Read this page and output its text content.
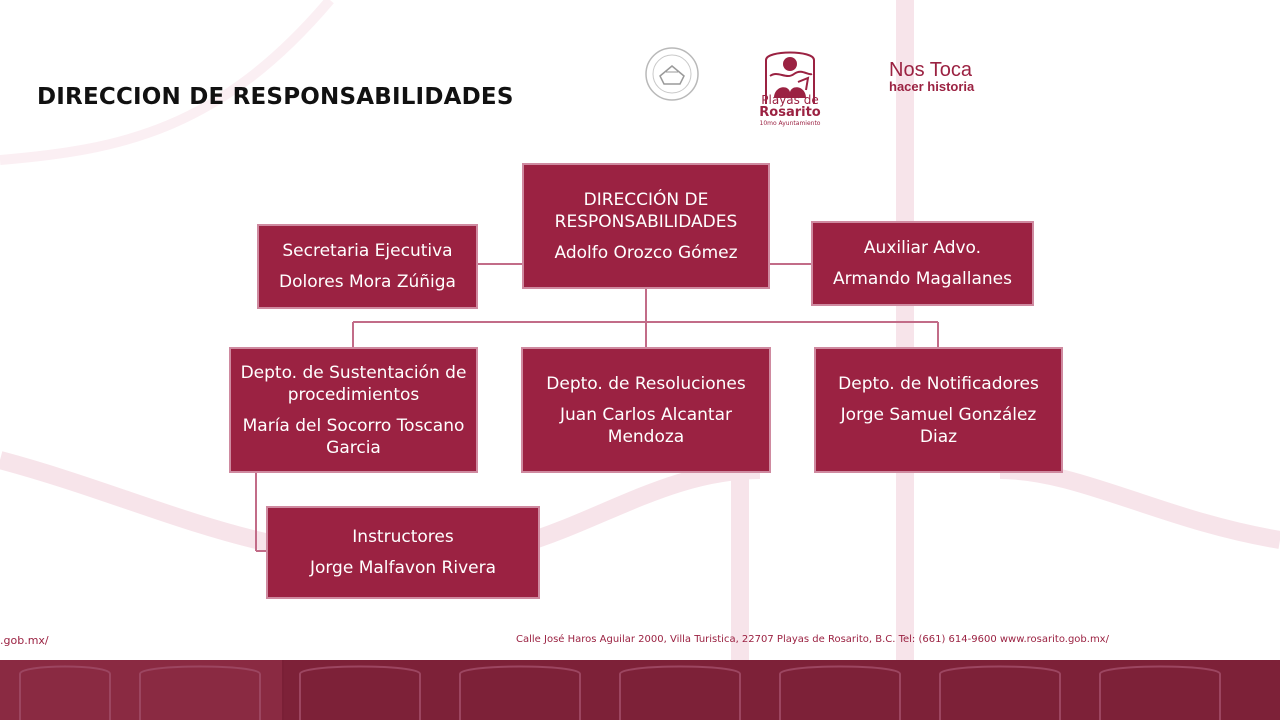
DIRECCION DE RESPONSABILIDADES	Playas de
Rosarito
10mo Ayuntamiento
Nos Toca
hacer historia
DIRECCIÓN DE RESPONSABILIDADES
Adolfo Orozco Gómez
Secretaria Ejecutiva
Dolores Mora Zúñiga
Auxiliar Advo.
Armando Magallanes
Depto. de Sustentación de procedimientos
María del Socorro Toscano Garcia
Depto. de Resoluciones
Juan Carlos Alcantar Mendoza
Depto. de Notificadores
Jorge Samuel González Diaz
Instructores
Jorge Malfavon Rivera
.gob.mx/	Calle José Haros Aguilar 2000, Villa Turistica, 22707 Playas de Rosarito, B.C. Tel: (661) 614-9600 www.rosarito.gob.mx/
